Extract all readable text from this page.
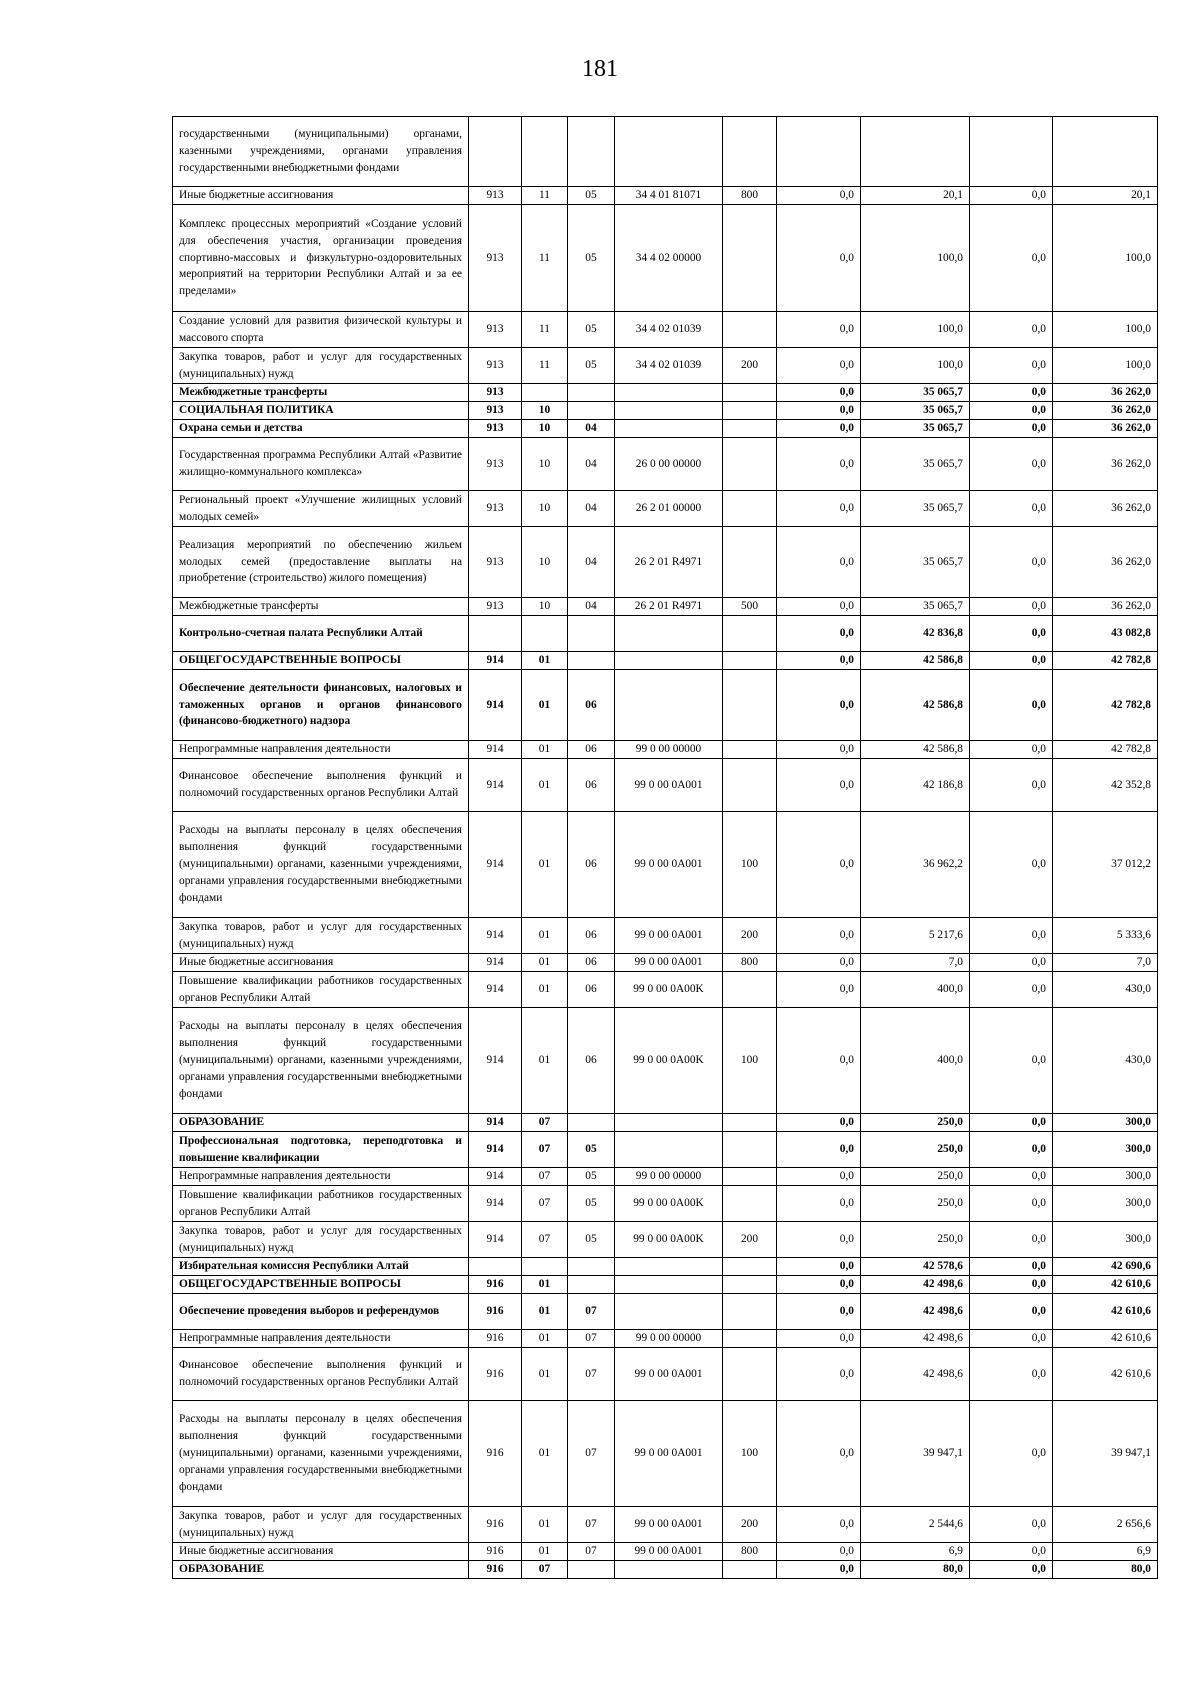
181
государственными (муниципальными) органами, казенными учреждениями, органами управления государственными внебюджетными фондами									
Иные бюджетные ассигнования	913	11	05	34 4 01 81071	800	0,0	20,1	0,0	20,1
Комплекс процессных мероприятий «Создание условий для обеспечения участия, организации проведения спортивно-массовых и физкультурно-оздоровительных мероприятий на территории Республики Алтай и за ее пределами»	913	11	05	34 4 02 00000		0,0	100,0	0,0	100,0
Создание условий для развития физической культуры и массового спорта	913	11	05	34 4 02 01039		0,0	100,0	0,0	100,0
Закупка товаров, работ и услуг для государственных (муниципальных) нужд	913	11	05	34 4 02 01039	200	0,0	100,0	0,0	100,0
Межбюджетные трансферты	913					0,0	35 065,7	0,0	36 262,0
СОЦИАЛЬНАЯ ПОЛИТИКА	913	10				0,0	35 065,7	0,0	36 262,0
Охрана семьи и детства	913	10	04			0,0	35 065,7	0,0	36 262,0
Государственная программа Республики Алтай «Развитие жилищно-коммунального комплекса»	913	10	04	26 0 00 00000		0,0	35 065,7	0,0	36 262,0
Региональный проект «Улучшение жилищных условий молодых семей»	913	10	04	26 2 01 00000		0,0	35 065,7	0,0	36 262,0
Реализация мероприятий по обеспечению жильем молодых семей (предоставление выплаты на приобретение (строительство) жилого помещения)	913	10	04	26 2 01 R4971		0,0	35 065,7	0,0	36 262,0
Межбюджетные трансферты	913	10	04	26 2 01 R4971	500	0,0	35 065,7	0,0	36 262,0
Контрольно-счетная палата Республики Алтай						0,0	42 836,8	0,0	43 082,8
ОБЩЕГОСУДАРСТВЕННЫЕ ВОПРОСЫ	914	01				0,0	42 586,8	0,0	42 782,8
Обеспечение деятельности финансовых, налоговых и таможенных органов и органов финансового (финансово-бюджетного) надзора	914	01	06			0,0	42 586,8	0,0	42 782,8
Непрограммные направления деятельности	914	01	06	99 0 00 00000		0,0	42 586,8	0,0	42 782,8
Финансовое обеспечение выполнения функций и полномочий государственных органов Республики Алтай	914	01	06	99 0 00 0A001		0,0	42 186,8	0,0	42 352,8
Расходы на выплаты персоналу в целях обеспечения выполнения функций государственными (муниципальными) органами, казенными учреждениями, органами управления государственными внебюджетными фондами	914	01	06	99 0 00 0A001	100	0,0	36 962,2	0,0	37 012,2
Закупка товаров, работ и услуг для государственных (муниципальных) нужд	914	01	06	99 0 00 0A001	200	0,0	5 217,6	0,0	5 333,6
Иные бюджетные ассигнования	914	01	06	99 0 00 0A001	800	0,0	7,0	0,0	7,0
Повышение квалификации работников государственных органов Республики Алтай	914	01	06	99 0 00 0A00K		0,0	400,0	0,0	430,0
Расходы на выплаты персоналу в целях обеспечения выполнения функций государственными (муниципальными) органами, казенными учреждениями, органами управления государственными внебюджетными фондами	914	01	06	99 0 00 0A00K	100	0,0	400,0	0,0	430,0
ОБРАЗОВАНИЕ	914	07				0,0	250,0	0,0	300,0
Профессиональная подготовка, переподготовка и повышение квалификации	914	07	05			0,0	250,0	0,0	300,0
Непрограммные направления деятельности	914	07	05	99 0 00 00000		0,0	250,0	0,0	300,0
Повышение квалификации работников государственных органов Республики Алтай	914	07	05	99 0 00 0A00K		0,0	250,0	0,0	300,0
Закупка товаров, работ и услуг для государственных (муниципальных) нужд	914	07	05	99 0 00 0A00K	200	0,0	250,0	0,0	300,0
Избирательная комиссия Республики Алтай						0,0	42 578,6	0,0	42 690,6
ОБЩЕГОСУДАРСТВЕННЫЕ ВОПРОСЫ	916	01				0,0	42 498,6	0,0	42 610,6
Обеспечение проведения выборов и референдумов	916	01	07			0,0	42 498,6	0,0	42 610,6
Непрограммные направления деятельности	916	01	07	99 0 00 00000		0,0	42 498,6	0,0	42 610,6
Финансовое обеспечение выполнения функций и полномочий государственных органов Республики Алтай	916	01	07	99 0 00 0A001		0,0	42 498,6	0,0	42 610,6
Расходы на выплаты персоналу в целях обеспечения выполнения функций государственными (муниципальными) органами, казенными учреждениями, органами управления государственными внебюджетными фондами	916	01	07	99 0 00 0A001	100	0,0	39 947,1	0,0	39 947,1
Закупка товаров, работ и услуг для государственных (муниципальных) нужд	916	01	07	99 0 00 0A001	200	0,0	2 544,6	0,0	2 656,6
Иные бюджетные ассигнования	916	01	07	99 0 00 0A001	800	0,0	6,9	0,0	6,9
ОБРАЗОВАНИЕ	916	07				0,0	80,0	0,0	80,0
